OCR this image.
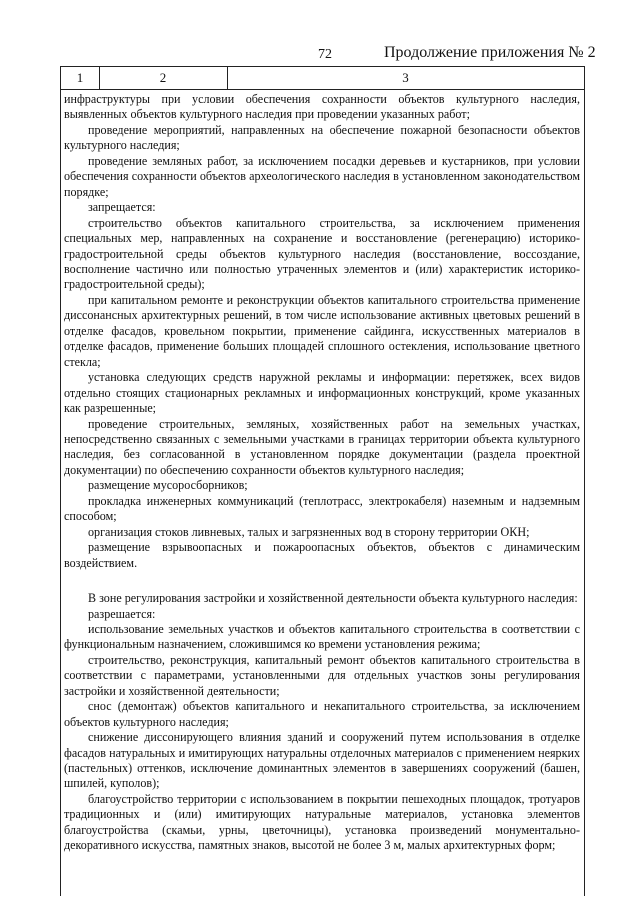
72	Продолжение приложения № 2
1	2	3

инфраструктуры при условии обеспечения сохранности объектов культурного наследия, выявленных объектов культурного наследия при проведении указанных работ;

проведение мероприятий, направленных на обеспечение пожарной безопасности объектов культурного наследия;

проведение земляных работ, за исключением посадки деревьев и кустарников, при условии обеспечения сохранности объектов археологического наследия в установленном законодательством порядке;

запрещается:

строительство объектов капитального строительства, за исключением применения специальных мер, направленных на сохранение и восстановление (регенерацию) историко-градостроительной среды объектов культурного наследия (восстановление, воссоздание, восполнение частично или полностью утраченных элементов и (или) характеристик историко-градостроительной среды);

при капитальном ремонте и реконструкции объектов капитального строительства применение диссонансных архитектурных решений, в том числе использование активных цветовых решений в отделке фасадов, кровельном покрытии, применение сайдинга, искусственных материалов в отделке фасадов, применение больших площадей сплошного остекления, использование цветного стекла;

установка следующих средств наружной рекламы и информации: перетяжек, всех видов отдельно стоящих стационарных рекламных и информационных конструкций, кроме указанных как разрешенные;

проведение строительных, земляных, хозяйственных работ на земельных участках, непосредственно связанных с земельными участками в границах территории объекта культурного наследия, без согласованной в установленном порядке документации (раздела проектной документации) по обеспечению сохранности объектов культурного наследия;

размещение мусоросборников;

прокладка инженерных коммуникаций (теплотрасс, электрокабеля) наземным и надземным способом;

организация стоков ливневых, талых и загрязненных вод в сторону территории ОКН;

размещение взрывоопасных и пожароопасных объектов, объектов с динамическим воздействием.

В зоне регулирования застройки и хозяйственной деятельности объекта культурного наследия:

разрешается:

использование земельных участков и объектов капитального строительства в соответствии с функциональным назначением, сложившимся ко времени установления режима;

строительство, реконструкция, капитальный ремонт объектов капитального строительства в соответствии с параметрами, установленными для отдельных участков зоны регулирования застройки и хозяйственной деятельности;

снос (демонтаж) объектов капитального и некапитального строительства, за исключением объектов культурного наследия;

снижение диссонирующего влияния зданий и сооружений путем использования в отделке фасадов натуральных и имитирующих натуральны отделочных материалов с применением неярких (пастельных) оттенков, исключение доминантных элементов в завершениях сооружений (башен, шпилей, куполов);

благоустройство территории с использованием в покрытии пешеходных площадок, тротуаров традиционных и (или) имитирующих натуральные материалов, установка элементов благоустройства (скамьи, урны, цветочницы), установка произведений монументально-декоративного искусства, памятных знаков, высотой не более 3 м, малых архитектурных форм;
